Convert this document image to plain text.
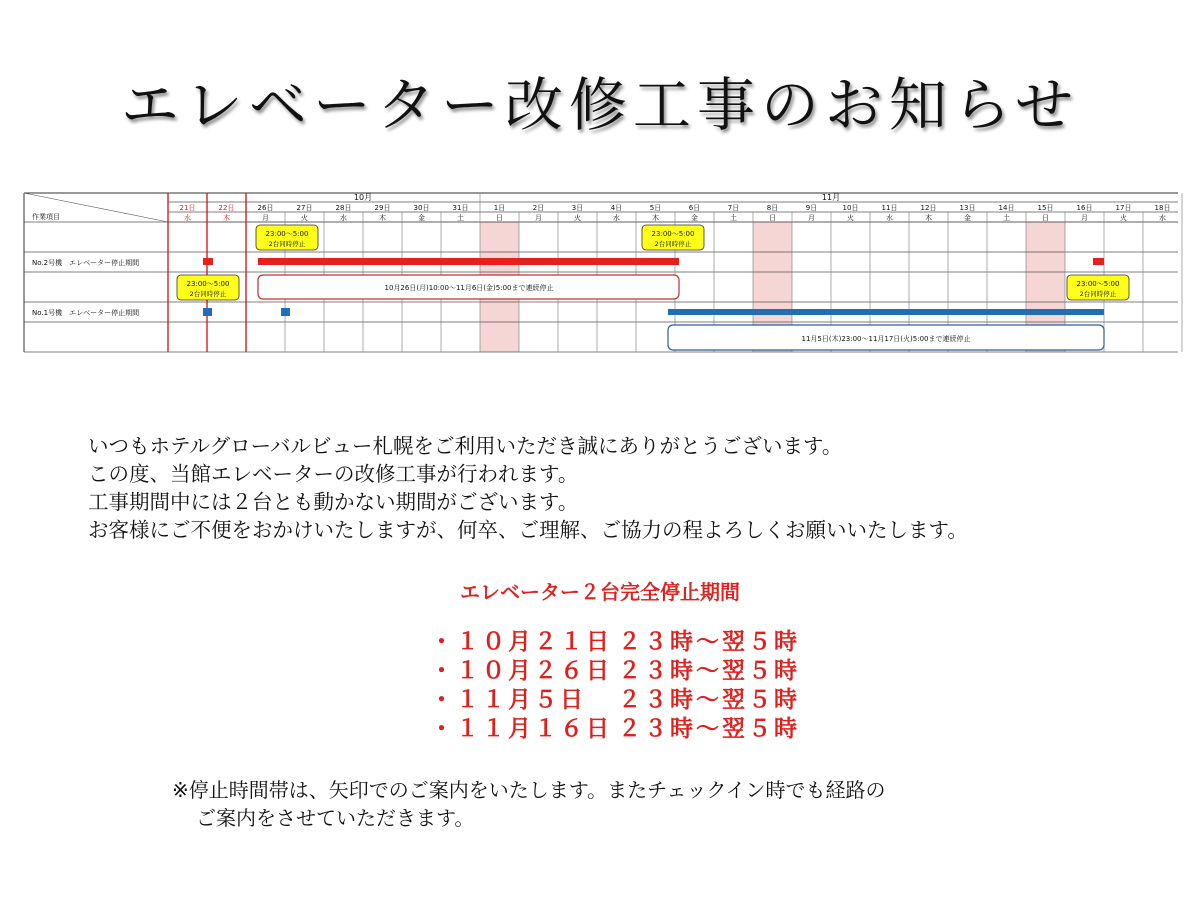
エレベーター改修工事のお知らせ
作業項目
10月	11月
21日
水
22日
木
26日
月
27日
火
28日
水
29日
木
30日
金
31日
土
1日
日
2日
月
3日
火
4日
水
5日
木
6日
金
7日
土
8日
日
9日
月
10日
火
11日
水
12日
木
13日
金
14日
土
15日
日
16日
月
17日
火
18日
水
No.2号機　エレベーター停止期間
No.1号機　エレベーター停止期間
23:00～5:00
2台同時停止
23:00～5:00
2台同時停止
23:00～5:00
2台同時停止
23:00～5:00
2台同時停止
10月26日(月)10:00～11月6日(金)5:00まで連続停止
11月5日(木)23:00～11月17日(火)5:00まで連続停止
いつもホテルグローバルビュー札幌をご利用いただき誠にありがとうございます。
この度、当館エレベーターの改修工事が行われます。
工事期間中には２台とも動かない期間がございます。
お客様にご不便をおかけいたしますが、何卒、ご理解、ご協力の程よろしくお願いいたします。
エレベーター２台完全停止期間
・１０月２１日 ２３時～翌５時
・１０月２６日 ２３時～翌５時
・１１月５日	２３時～翌５時
・１１月１６日 ２３時～翌５時
※停止時間帯は、矢印でのご案内をいたします。またチェックイン時でも経路の
ご案内をさせていただきます。
